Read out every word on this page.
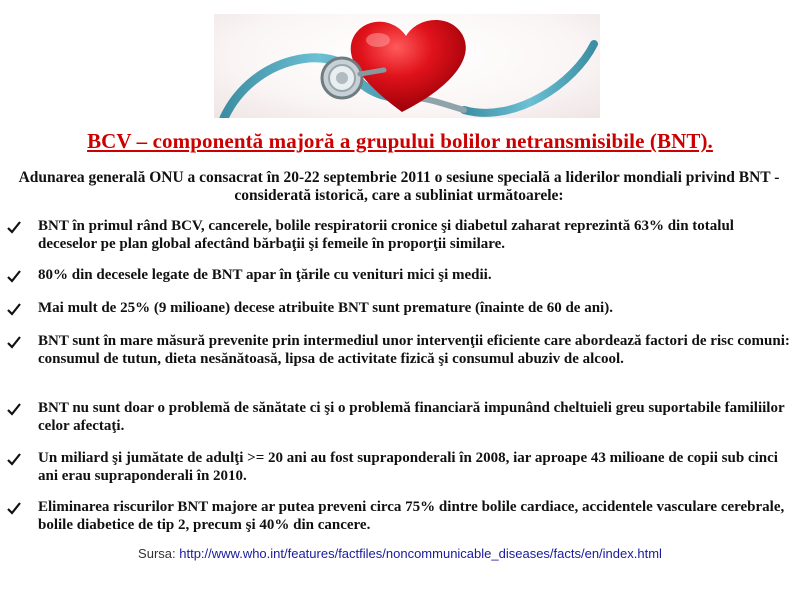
BCV – componentă majoră a grupului bolilor netransmisibile (BNT).
Adunarea generală ONU a consacrat în 20-22 septembrie 2011 o sesiune specială a liderilor mondiali privind BNT - considerată istorică, care a subliniat următoarele:
BNT în primul rând BCV, cancerele, bolile respiratorii cronice şi diabetul zaharat reprezintă 63% din totalul deceselor pe plan global afectând bărbaţii şi femeile în proporţii similare.
80% din decesele legate de BNT apar în ţările cu venituri mici şi medii.
Mai mult de 25% (9 milioane) decese atribuite BNT sunt premature (înainte de 60 de ani).
BNT sunt în mare măsură prevenite prin intermediul unor intervenţii eficiente care abordează factori de risc comuni: consumul de tutun, dieta nesănătoasă, lipsa de activitate fizică şi consumul abuziv de alcool.
BNT nu sunt doar o problemă de sănătate ci şi o problemă financiară impunând cheltuieli greu suportabile familiilor celor afectaţi.
Un miliard şi jumătate de adulţi >= 20 ani au fost supraponderali în 2008, iar aproape 43 milioane de copii sub cinci ani erau supraponderali în 2010.
Eliminarea riscurilor BNT majore ar putea preveni circa 75% dintre bolile cardiace, accidentele vasculare cerebrale, bolile diabetice de tip 2, precum şi 40% din cancere.
Sursa: http://www.who.int/features/factfiles/noncommunicable_diseases/facts/en/index.html
